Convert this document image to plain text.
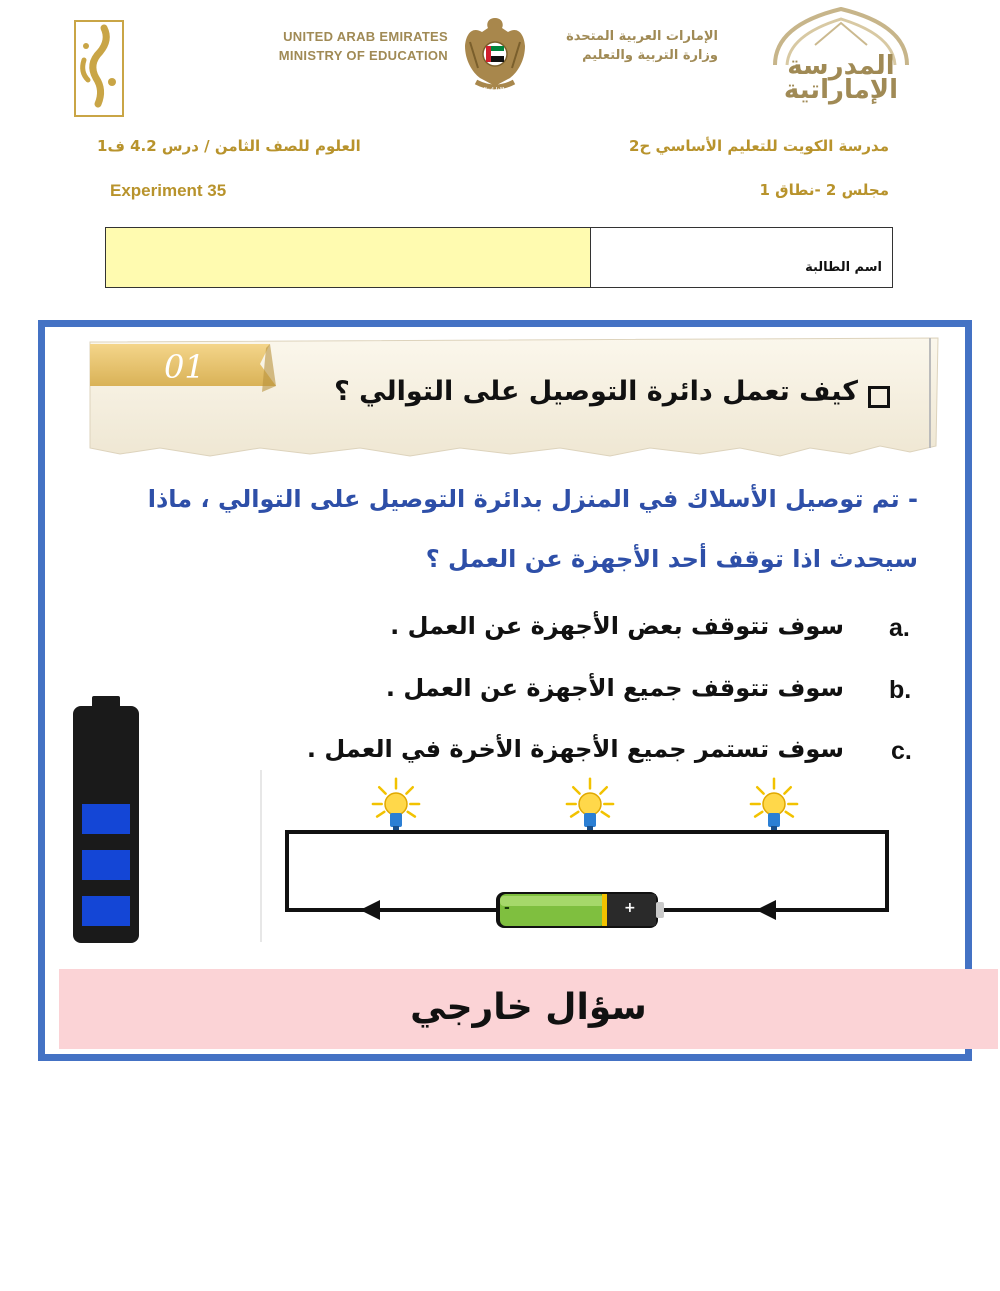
المدرسة
الإماراتية
الإمارات العربية المتحدة
وزارة التربية والتعليم
دولة الإمارات العربية المتحدة
UNITED ARAB EMIRATES
MINISTRY OF EDUCATION
العلوم للصف الثامن / درس 4.2 ف1	مدرسة الكويت للتعليم الأساسي ح2
Experiment 35	مجلس 2 -نطاق 1
اسم الطالبة
01
كيف تعمل دائرة التوصيل على التوالي ؟
- تم توصيل الأسلاك في المنزل بدائرة التوصيل على التوالي ، ماذا
سيحدث اذا توقف أحد الأجهزة عن العمل ؟
سوف تتوقف بعض الأجهزة عن العمل . a.
سوف تتوقف جميع الأجهزة عن العمل . b.
سوف تستمر جميع الأجهزة الأخرة في العمل . c.
-	+
سؤال خارجي
